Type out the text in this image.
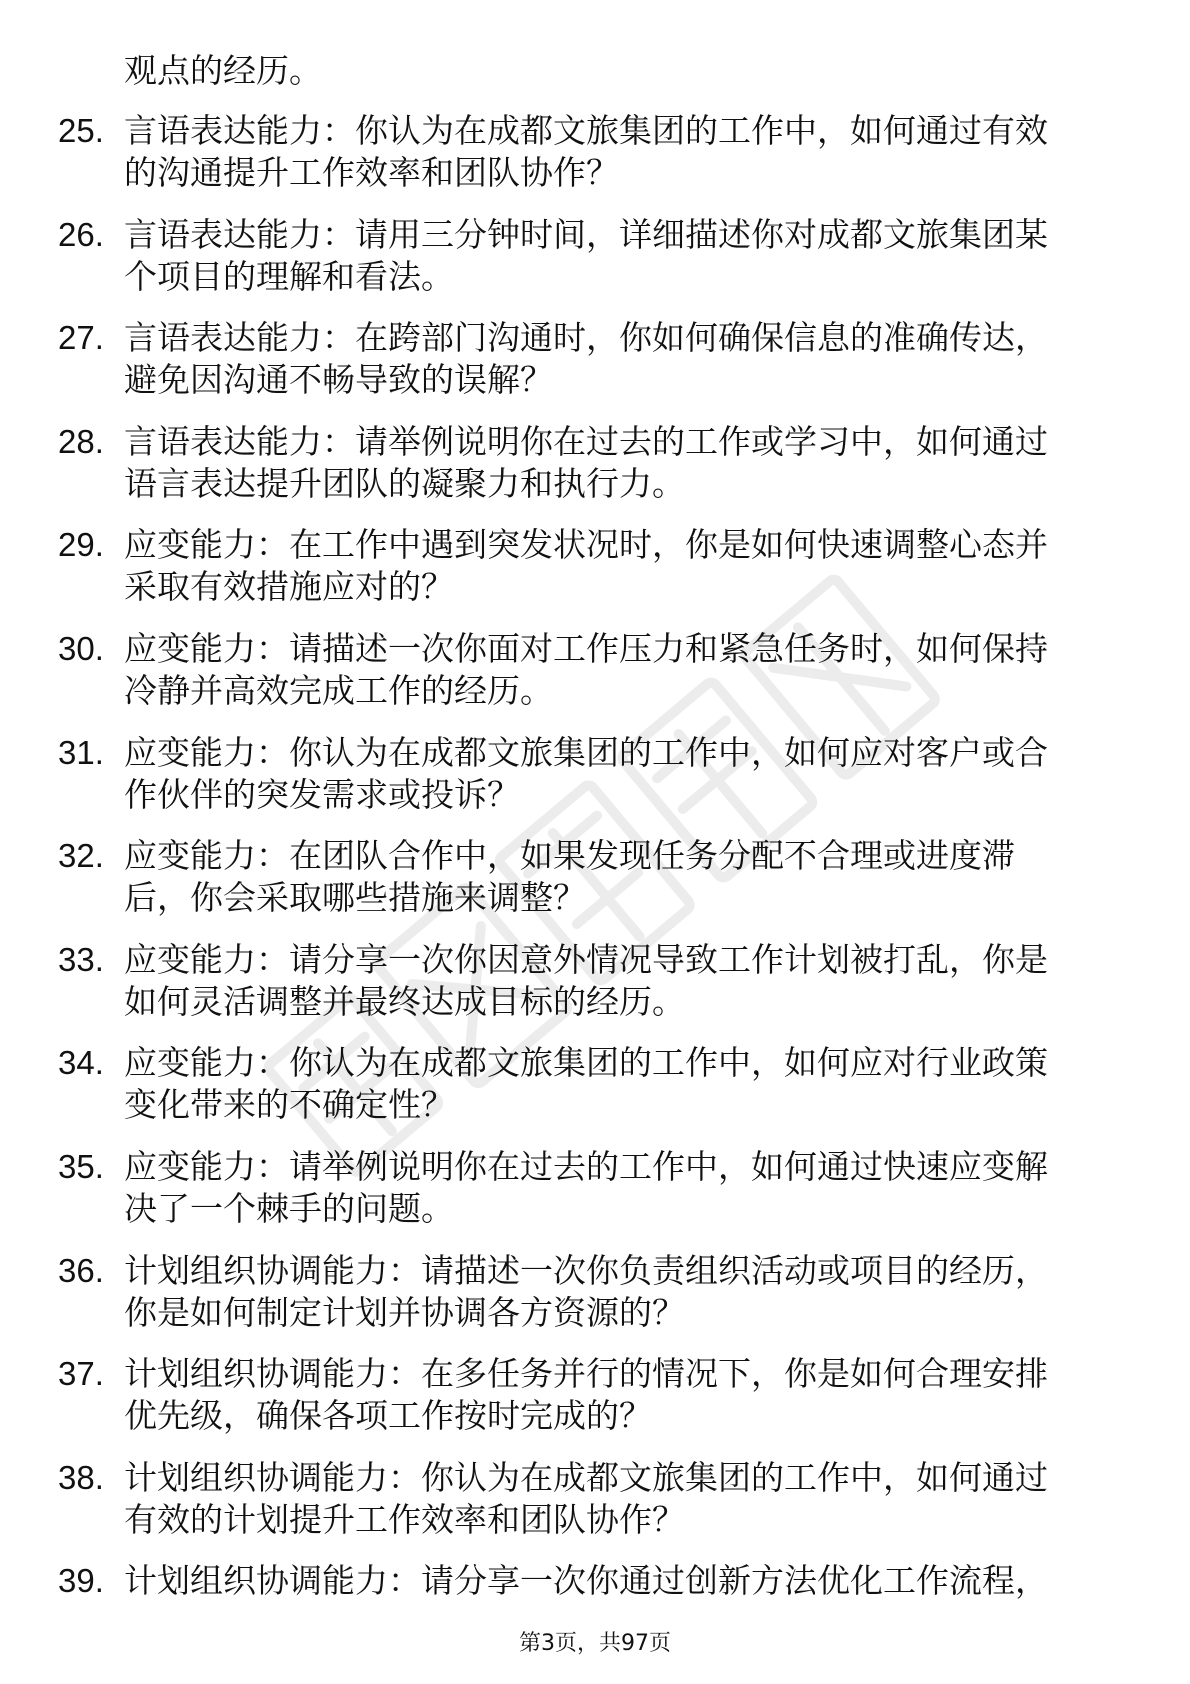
观点的经历。
25. 言语表达能力：你认为在成都文旅集团的工作中，如何通过有效
的沟通提升工作效率和团队协作？
26. 言语表达能力：请用三分钟时间，详细描述你对成都文旅集团某
个项目的理解和看法。
27. 言语表达能力：在跨部门沟通时，你如何确保信息的准确传达，
避免因沟通不畅导致的误解？
28. 言语表达能力：请举例说明你在过去的工作或学习中，如何通过
语言表达提升团队的凝聚力和执行力。
29. 应变能力：在工作中遇到突发状况时，你是如何快速调整心态并
采取有效措施应对的？
30. 应变能力：请描述一次你面对工作压力和紧急任务时，如何保持
冷静并高效完成工作的经历。
31. 应变能力：你认为在成都文旅集团的工作中，如何应对客户或合
作伙伴的突发需求或投诉？
32. 应变能力：在团队合作中，如果发现任务分配不合理或进度滞
后，你会采取哪些措施来调整？
33. 应变能力：请分享一次你因意外情况导致工作计划被打乱，你是
如何灵活调整并最终达成目标的经历。
34. 应变能力：你认为在成都文旅集团的工作中，如何应对行业政策
变化带来的不确定性？
35. 应变能力：请举例说明你在过去的工作中，如何通过快速应变解
决了一个棘手的问题。
36. 计划组织协调能力：请描述一次你负责组织活动或项目的经历，
你是如何制定计划并协调各方资源的？
37. 计划组织协调能力：在多任务并行的情况下，你是如何合理安排
优先级，确保各项工作按时完成的？
38. 计划组织协调能力：你认为在成都文旅集团的工作中，如何通过
有效的计划提升工作效率和团队协作？
39. 计划组织协调能力：请分享一次你通过创新方法优化工作流程，
第3页，共97页
